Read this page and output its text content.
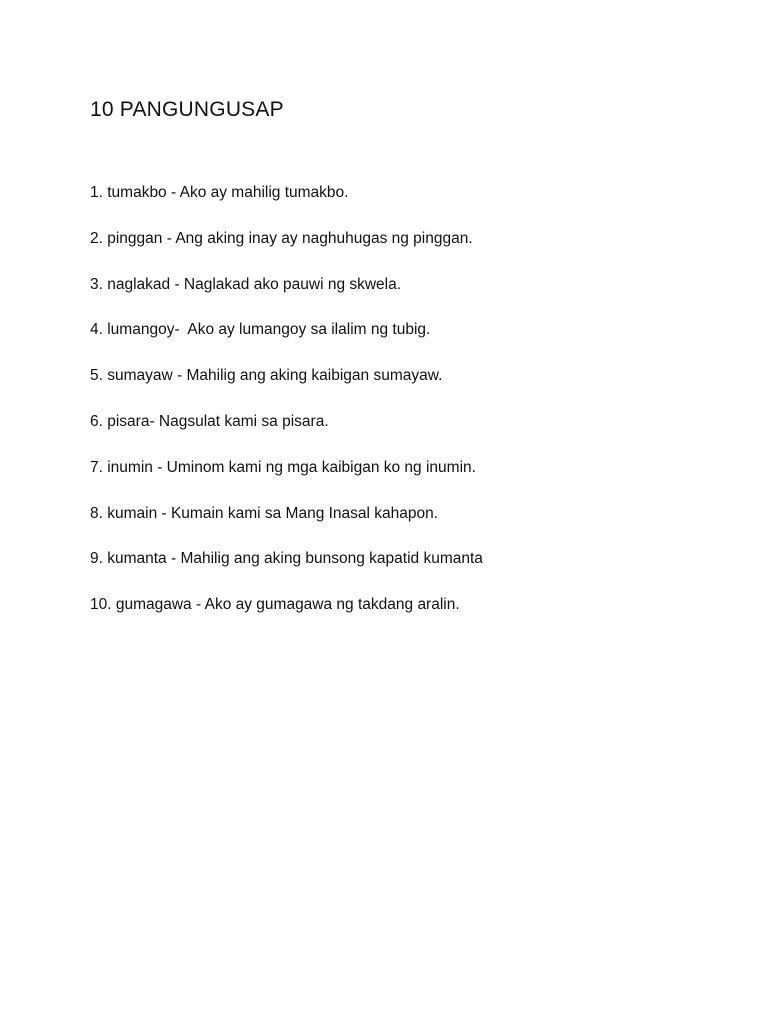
10 PANGUNGUSAP
1. tumakbo - Ako ay mahilig tumakbo.
2. pinggan - Ang aking inay ay naghuhugas ng pinggan.
3. naglakad - Naglakad ako pauwi ng skwela.
4. lumangoy-  Ako ay lumangoy sa ilalim ng tubig.
5. sumayaw - Mahilig ang aking kaibigan sumayaw.
6. pisara- Nagsulat kami sa pisara.
7. inumin - Uminom kami ng mga kaibigan ko ng inumin.
8. kumain - Kumain kami sa Mang Inasal kahapon.
9. kumanta - Mahilig ang aking bunsong kapatid kumanta
10. gumagawa - Ako ay gumagawa ng takdang aralin.
